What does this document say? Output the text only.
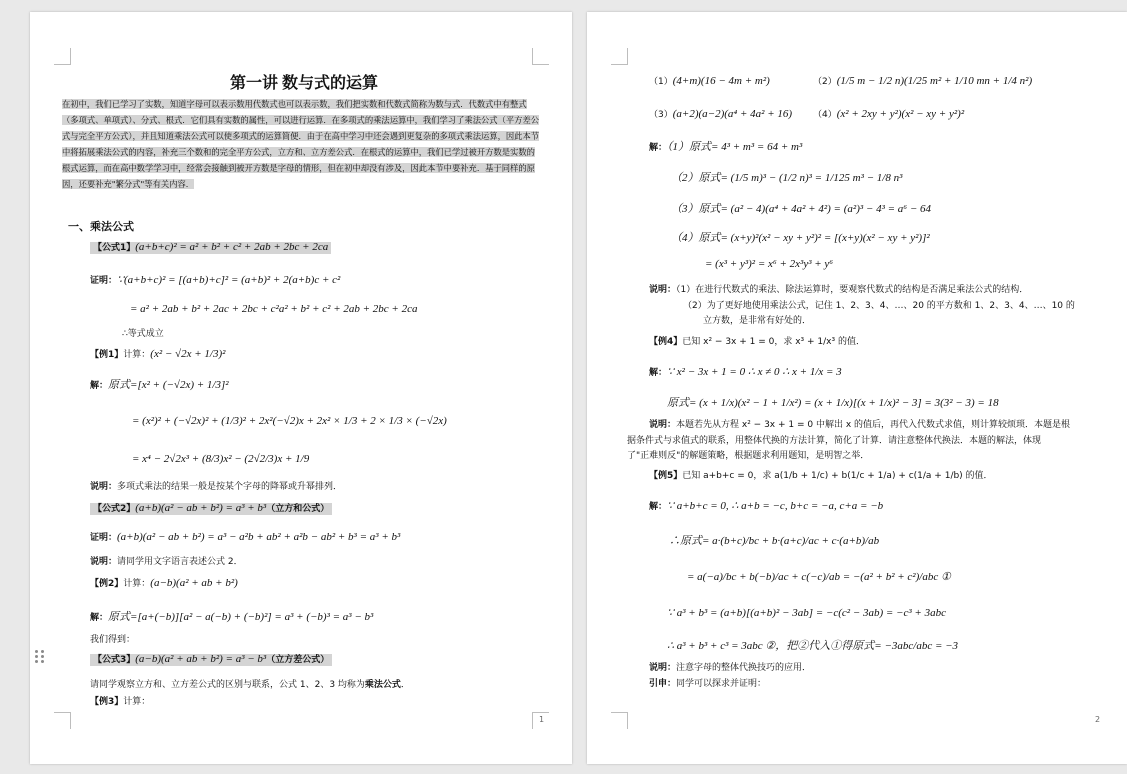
第一讲 数与式的运算
在初中，我们已学习了实数，知道字母可以表示数用代数式也可以表示数，我们把实数和代数式简称为数与式．代数式中有整式（多项式、单项式）、分式、根式．它们具有实数的属性，可以进行运算．在多项式的乘法运算中，我们学习了乘法公式（平方差公式与完全平方公式），并且知道乘法公式可以使多项式的运算简便．由于在高中学习中还会遇到更复杂的多项式乘法运算，因此本节中将拓展乘法公式的内容，补充三个数和的完全平方公式，立方和、立方差公式．在根式的运算中，我们已学过被开方数是实数的根式运算，而在高中数学学习中，经常会接触到被开方数是字母的情形，但在初中却没有涉及，因此本节中要补充．基于同样的原因，还要补充"繁分式"等有关内容．
一、乘法公式
【公式1】(a+b+c)² = a² + b² + c² + 2ab + 2bc + 2ca
证明：∵(a+b+c)² = [(a+b)+c]² = (a+b)² + 2(a+b)c + c²
= a² + 2ab + b² + 2ac + 2bc + c²a² + b² + c² + 2ab + 2bc + 2ca
∴等式成立
【例1】计算：(x² − √2x + 1/3)²
解：原式=[x² + (−√2x) + 1/3]²
= (x²)² + (−√2x)² + (1/3)² + 2x²(−√2)x + 2x² × 1/3 + 2 × 1/3 × (−√2x)
= x⁴ − 2√2x³ + (8/3)x² − (2√2/3)x + 1/9
说明：多项式乘法的结果一般是按某个字母的降幂或升幂排列．
【公式2】(a+b)(a² − ab + b²) = a³ + b³（立方和公式）
证明：(a+b)(a² − ab + b²) = a³ − a²b + ab² + a²b − ab² + b³ = a³ + b³
说明：请同学用文字语言表述公式 2．
【例2】计算：(a−b)(a² + ab + b²)
解：原式=[a+(−b)][a² − a(−b) + (−b)²] = a³ + (−b)³ = a³ − b³
我们得到：
【公式3】(a−b)(a² + ab + b²) = a³ − b³（立方差公式）
请同学观察立方和、立方差公式的区别与联系，公式 1、2、3 均称为乘法公式．
【例3】计算：
1
（1）(4+m)(16 − 4m + m²)	（2）(1/5 m − 1/2 n)(1/25 m² + 1/10 mn + 1/4 n²)
（3）(a+2)(a−2)(a⁴ + 4a² + 16) （4）(x² + 2xy + y²)(x² − xy + y²)²
解：（1）原式= 4³ + m³ = 64 + m³
（2）原式= (1/5 m)³ − (1/2 n)³ = 1/125 m³ − 1/8 n³
（3）原式= (a² − 4)(a⁴ + 4a² + 4²) = (a²)³ − 4³ = a⁶ − 64
（4）原式= (x+y)²(x² − xy + y²)² = [(x+y)(x² − xy + y²)]²
= (x³ + y³)² = x⁶ + 2x³y³ + y⁶
说明：（1）在进行代数式的乘法、除法运算时，要观察代数式的结构是否满足乘法公式的结构．
（2）为了更好地使用乘法公式，记住 1、2、3、4、…、20 的平方数和 1、2、3、4、…、10 的
立方数，是非常有好处的．
【例4】已知 x² − 3x + 1 = 0，求 x³ + 1/x³ 的值．
解：∵ x² − 3x + 1 = 0 ∴ x ≠ 0 ∴ x + 1/x = 3
原式= (x + 1/x)(x² − 1 + 1/x²) = (x + 1/x)[(x + 1/x)² − 3] = 3(3² − 3) = 18
说明：本题若先从方程 x² − 3x + 1 = 0 中解出 x 的值后，再代入代数式求值，则计算较烦琐．本题是根
据条件式与求值式的联系，用整体代换的方法计算，简化了计算．请注意整体代换法．本题的解法，体现
了"正难则反"的解题策略，根据题求利用题知，是明智之举．
【例5】已知 a+b+c = 0，求 a(1/b + 1/c) + b(1/c + 1/a) + c(1/a + 1/b) 的值．
解：∵ a+b+c = 0, ∴ a+b = −c, b+c = −a, c+a = −b
∴原式= a·(b+c)/bc + b·(a+c)/ac + c·(a+b)/ab
= a(−a)/bc + b(−b)/ac + c(−c)/ab = −(a² + b² + c²)/abc ①
∵ a³ + b³ = (a+b)[(a+b)² − 3ab] = −c(c² − 3ab) = −c³ + 3abc
∴ a³ + b³ + c³ = 3abc ②，把②代入①得原式= −3abc/abc = −3
说明：注意字母的整体代换技巧的应用．
引申：同学可以探求并证明：
2
